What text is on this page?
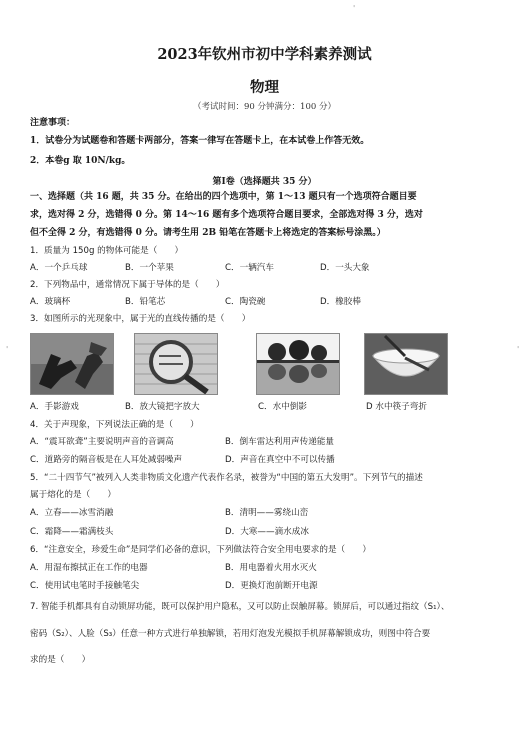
'
'	'
2023年钦州市初中学科素养测试
物理
（考试时间：90 分钟满分：100 分）
注意事项：
1．试卷分为试题卷和答题卡两部分，答案一律写在答题卡上，在本试卷上作答无效。
2．本卷g 取 10N/kg。
第Ⅰ卷（选择题共 35 分）
一、选择题（共 16 题，共 35 分。在给出的四个选项中，第 1～13 题只有一个选项符合题目要
求，选对得 2 分，选错得 0 分。第 14～16 题有多个选项符合题目要求，全部选对得 3 分，选对
但不全得 2 分，有选错得 0 分。请考生用 2B 铅笔在答题卡上将选定的答案标号涂黑。）
1．质量为 150g 的物体可能是（　　）
A．一个乒乓球	B．一个苹果	C．一辆汽车	D．一头大象
2．下列物品中，通常情况下属于导体的是（　　）
A．玻璃杯	B．铅笔芯	C．陶瓷碗	D．橡胶棒
3．如图所示的光现象中，属于光的直线传播的是（　　）
A．手影游戏	B．放大镜把字放大	C．水中倒影	D 水中筷子弯折
4．关于声现象，下列说法正确的是（　　）
A．“震耳欲聋”主要说明声音的音调高	B．倒车雷达利用声传递能量
C．道路旁的隔音板是在人耳处减弱噪声	D．声音在真空中不可以传播
5．“二十四节气”被列入人类非物质文化遗产代表作名录，被誉为“中国的第五大发明”。下列节气的描述
属于熔化的是（　　）
A．立春——冰雪消融	B．清明——雾绕山峦
C．霜降——霜满枝头	D．大寒——滴水成冰
6．“注意安全，珍爱生命”是同学们必备的意识，下列做法符合安全用电要求的是（　　）
A．用湿布擦拭正在工作的电器	B．用电器着火用水灭火
C．使用试电笔时手接触笔尖	D．更换灯泡前断开电源
7. 智能手机都具有自动锁屏功能，既可以保护用户隐私，又可以防止误触屏幕。锁屏后，可以通过指纹（S₁）、
密码（S₂）、人脸（S₃）任意一种方式进行单独解锁，若用灯泡发光模拟手机屏幕解锁成功，则图中符合要
求的是（　　）
